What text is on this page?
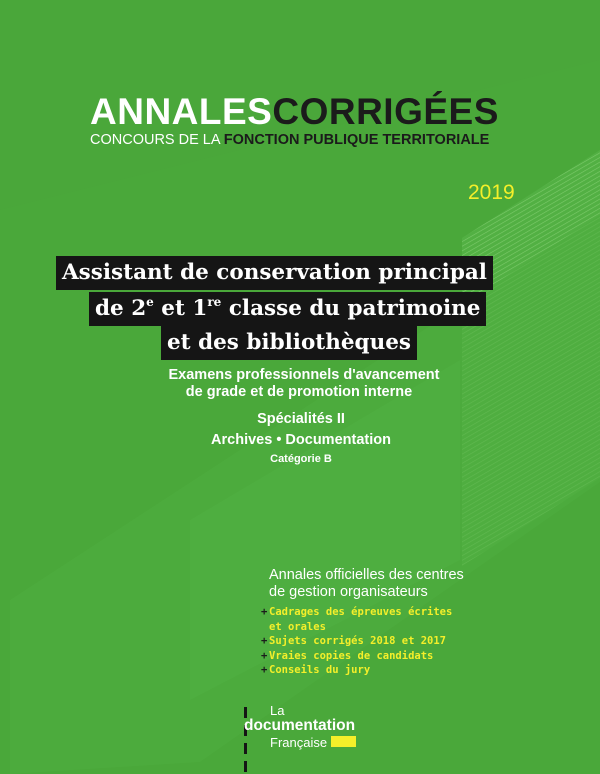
ANNALESCORRIGÉES
CONCOURS DE LA FONCTION PUBLIQUE TERRITORIALE
2019
Assistant de conservation principal
de 2e et 1re classe du patrimoine
et des bibliothèques
Examens professionnels d'avancement
de grade et de promotion interne
Spécialités II
Archives • Documentation
Catégorie B
Annales officielles des centres
de gestion organisateurs
+ Cadrages des épreuves écrites
et orales
+ Sujets corrigés 2018 et 2017
+ Vraies copies de candidats
+ Conseils du jury
La
documentation
Française
